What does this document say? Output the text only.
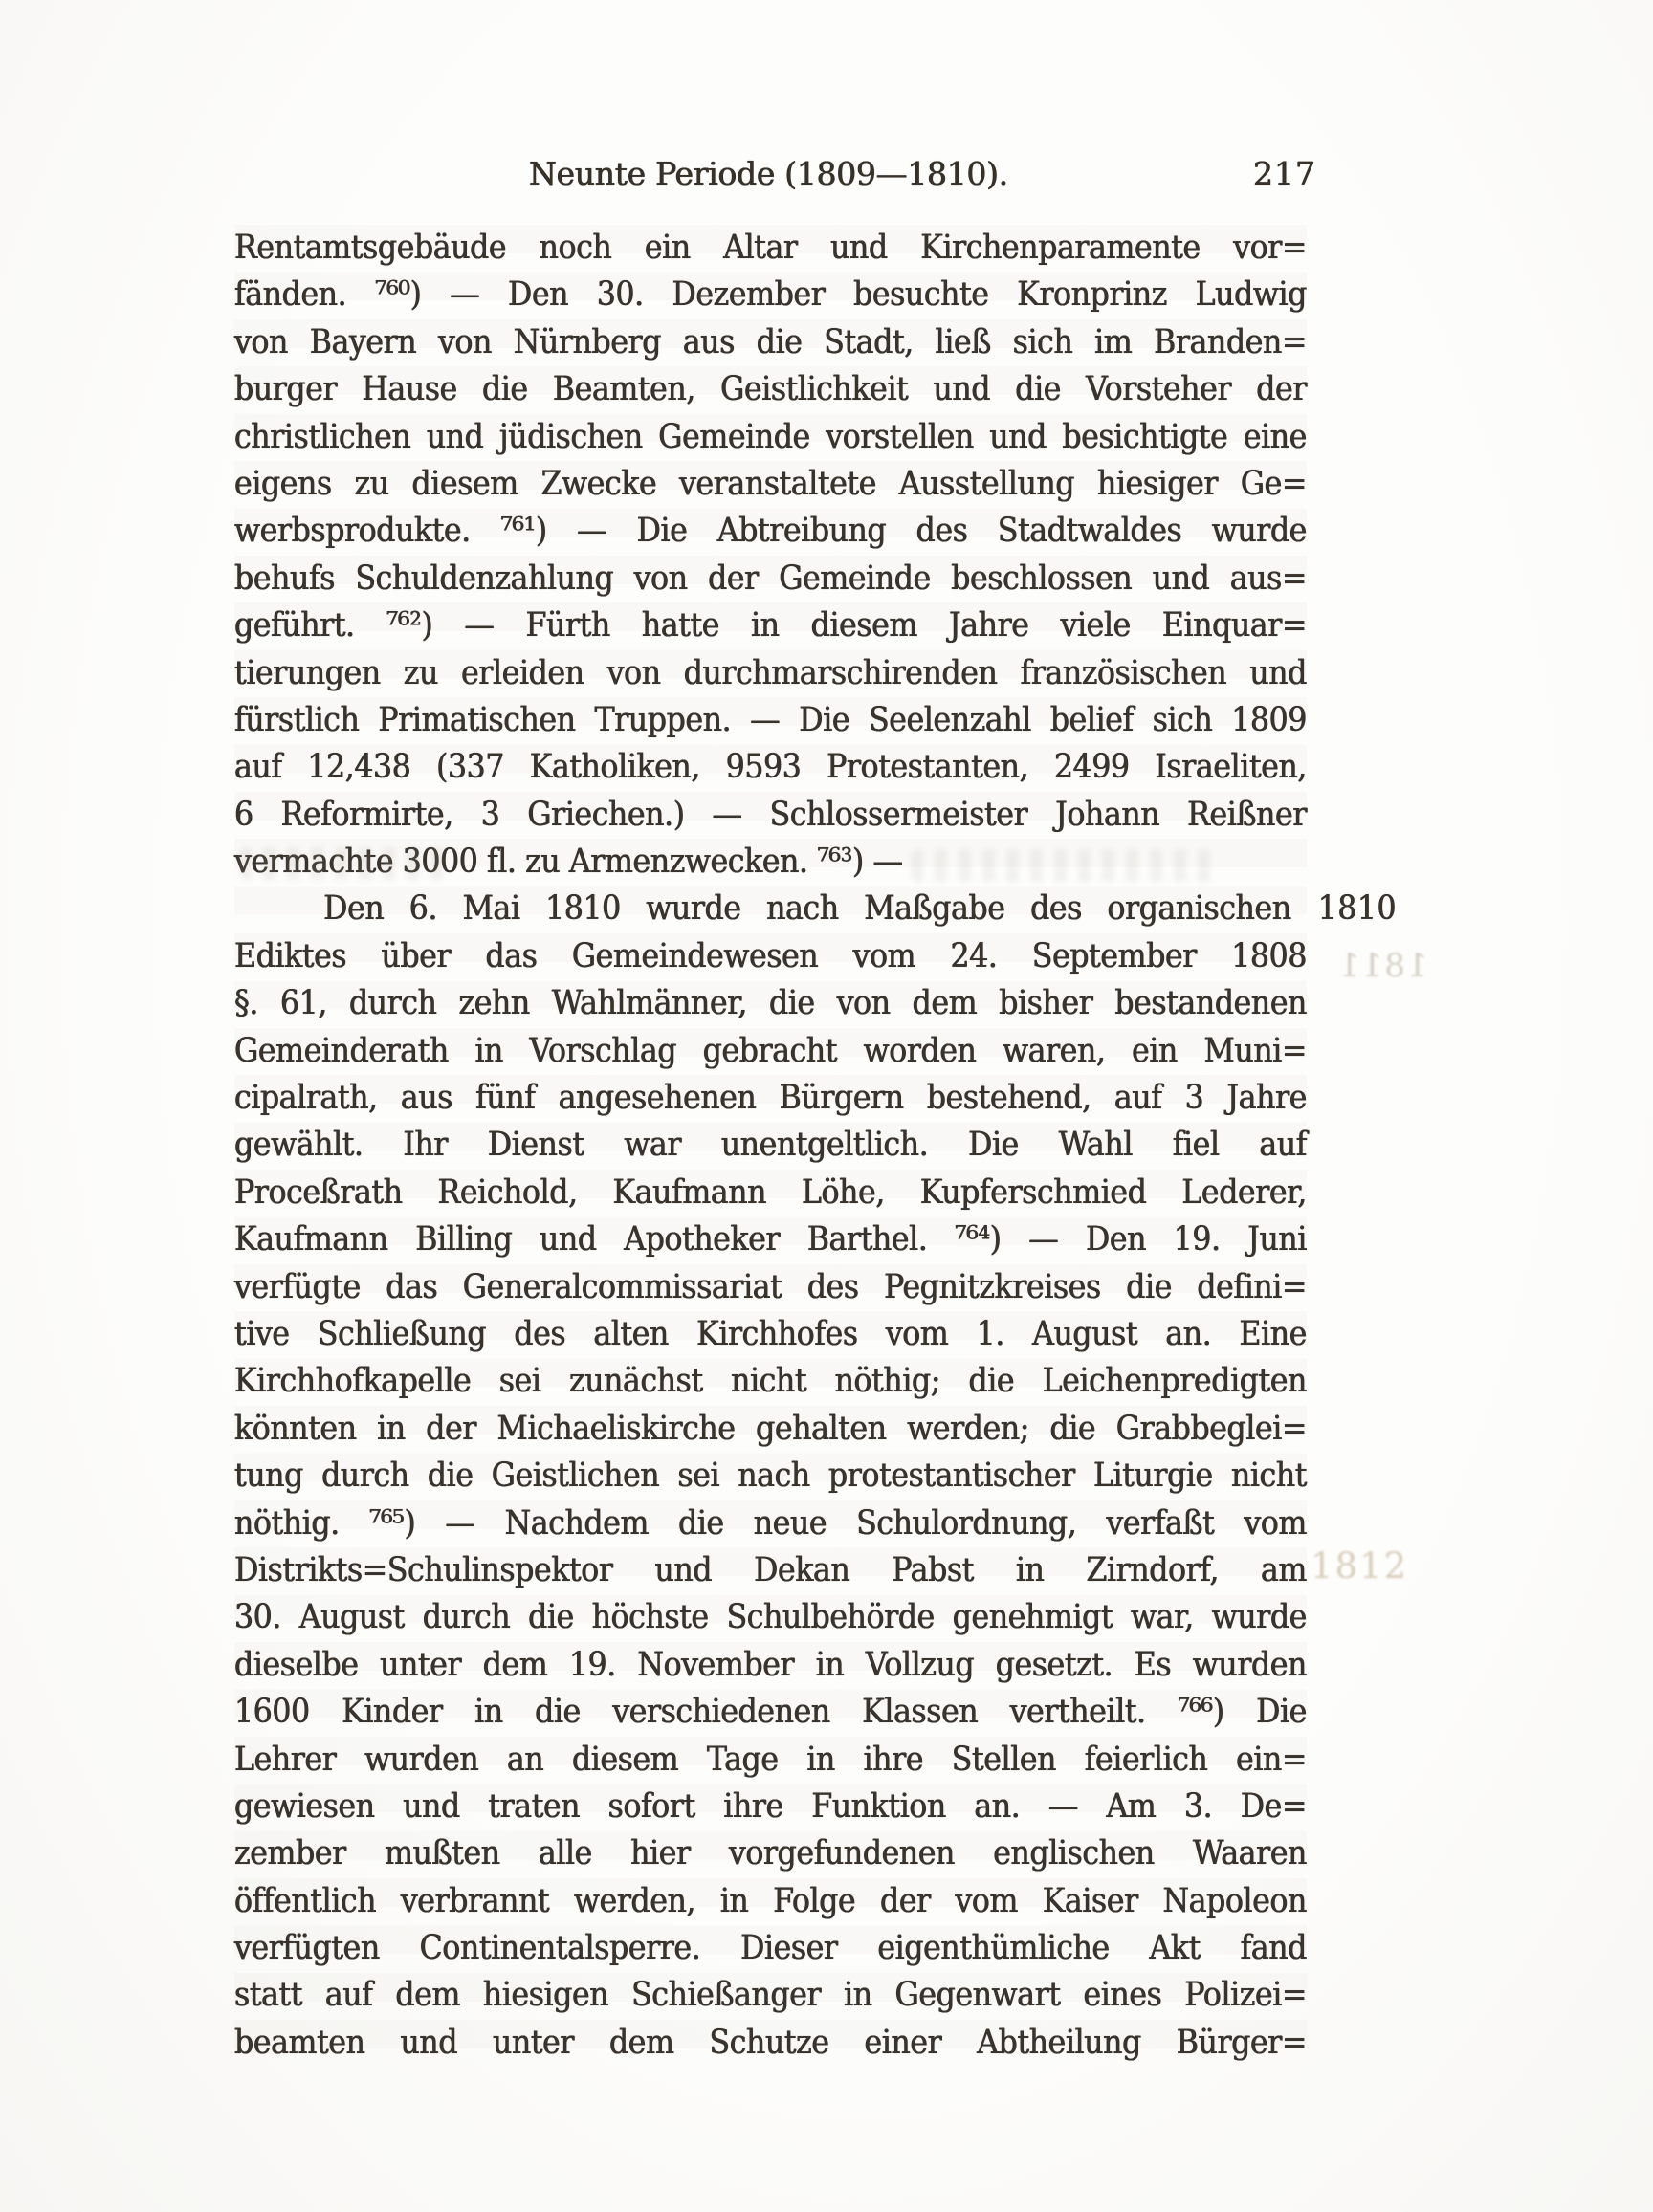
Neunte Periode (1809—1810).	217
Rentamtsgebäude noch ein Altar und Kirchenparamente vor=
fänden. ⁷⁶⁰) — Den 30. Dezember besuchte Kronprinz Ludwig
von Bayern von Nürnberg aus die Stadt, ließ sich im Branden=
burger Hause die Beamten, Geistlichkeit und die Vorsteher der
christlichen und jüdischen Gemeinde vorstellen und besichtigte eine
eigens zu diesem Zwecke veranstaltete Ausstellung hiesiger Ge=
werbsprodukte. ⁷⁶¹) — Die Abtreibung des Stadtwaldes wurde
behufs Schuldenzahlung von der Gemeinde beschlossen und aus=
geführt. ⁷⁶²) — Fürth hatte in diesem Jahre viele Einquar=
tierungen zu erleiden von durchmarschirenden französischen und
fürstlich Primatischen Truppen. — Die Seelenzahl belief sich 1809
auf 12,438 (337 Katholiken, 9593 Protestanten, 2499 Israeliten,
6 Reformirte, 3 Griechen.) — Schlossermeister Johann Reißner
vermachte 3000 fl. zu Armenzwecken. ⁷⁶³) —
Den 6. Mai 1810 wurde nach Maßgabe des organischen 1810
Ediktes über das Gemeindewesen vom 24. September 1808
§. 61, durch zehn Wahlmänner, die von dem bisher bestandenen
Gemeinderath in Vorschlag gebracht worden waren, ein Muni=
cipalrath, aus fünf angesehenen Bürgern bestehend, auf 3 Jahre
gewählt. Ihr Dienst war unentgeltlich. Die Wahl fiel auf
Proceßrath Reichold, Kaufmann Löhe, Kupferschmied Lederer,
Kaufmann Billing und Apotheker Barthel. ⁷⁶⁴) — Den 19. Juni
verfügte das Generalcommissariat des Pegnitzkreises die defini=
tive Schließung des alten Kirchhofes vom 1. August an. Eine
Kirchhofkapelle sei zunächst nicht nöthig; die Leichenpredigten
könnten in der Michaeliskirche gehalten werden; die Grabbeglei=
tung durch die Geistlichen sei nach protestantischer Liturgie nicht
nöthig. ⁷⁶⁵) — Nachdem die neue Schulordnung, verfaßt vom
Distrikts=Schulinspektor und Dekan Pabst in Zirndorf, am
30. August durch die höchste Schulbehörde genehmigt war, wurde
dieselbe unter dem 19. November in Vollzug gesetzt. Es wurden
1600 Kinder in die verschiedenen Klassen vertheilt. ⁷⁶⁶) Die
Lehrer wurden an diesem Tage in ihre Stellen feierlich ein=
gewiesen und traten sofort ihre Funktion an. — Am 3. De=
zember mußten alle hier vorgefundenen englischen Waaren
öffentlich verbrannt werden, in Folge der vom Kaiser Napoleon
verfügten Continentalsperre. Dieser eigenthümliche Akt fand
statt auf dem hiesigen Schießanger in Gegenwart eines Polizei=
beamten und unter dem Schutze einer Abtheilung Bürger=
1811
1812
